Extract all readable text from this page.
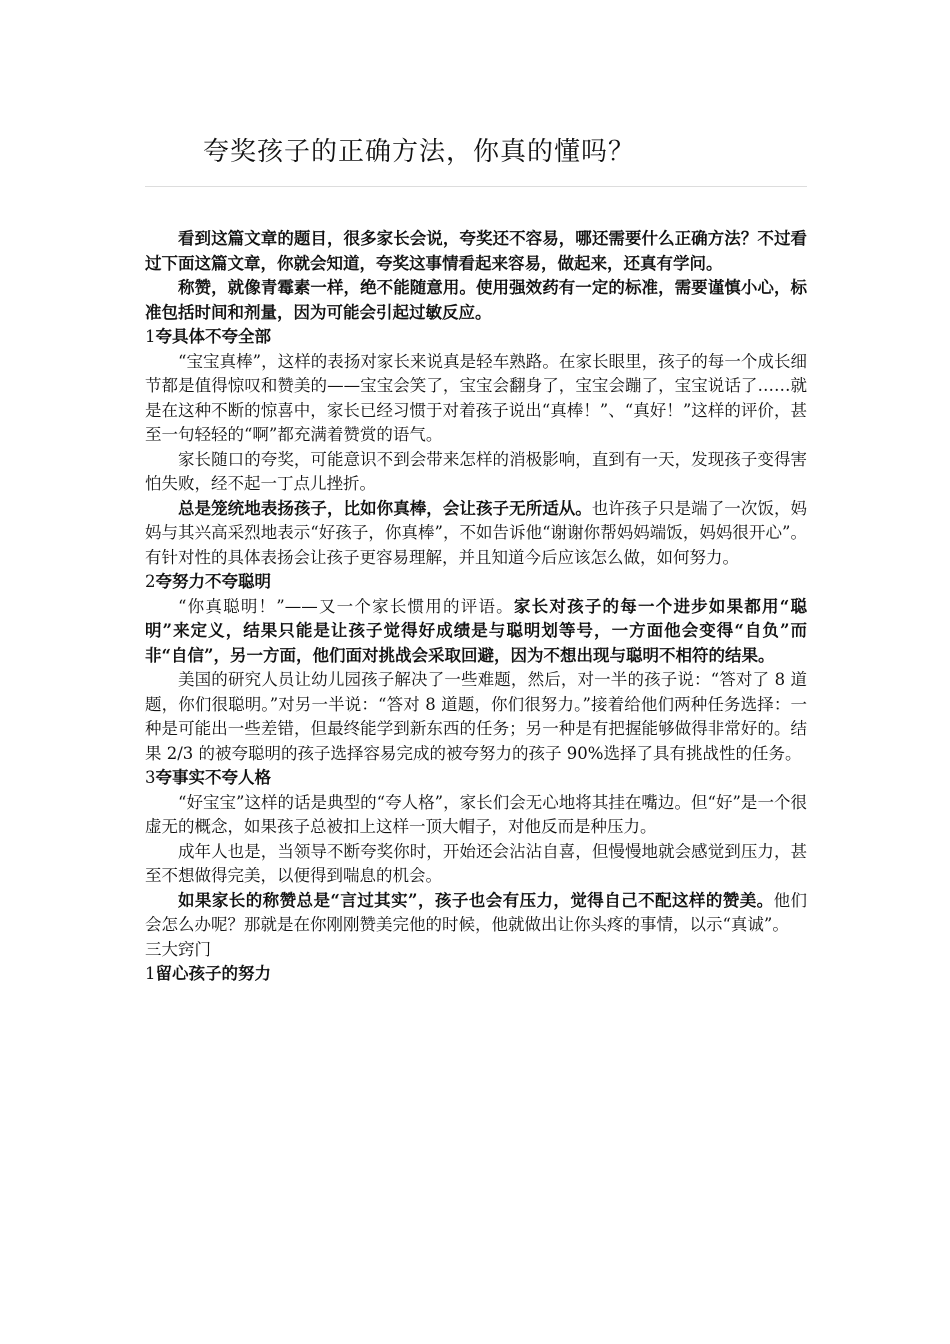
夸奖孩子的正确方法，你真的懂吗？

看到这篇文章的题目，很多家长会说，夸奖还不容易，哪还需要什么正确方法？不过看过下面这篇文章，你就会知道，夸奖这事情看起来容易，做起来，还真有学问。

称赞，就像青霉素一样，绝不能随意用。使用强效药有一定的标准，需要谨慎小心，标准包括时间和剂量，因为可能会引起过敏反应。

1夸具体不夸全部

“宝宝真棒”，这样的表扬对家长来说真是轻车熟路。在家长眼里，孩子的每一个成长细节都是值得惊叹和赞美的——宝宝会笑了，宝宝会翻身了，宝宝会蹦了，宝宝说话了……就是在这种不断的惊喜中，家长已经习惯于对着孩子说出“真棒！”、“真好！”这样的评价，甚至一句轻轻的“啊”都充满着赞赏的语气。

家长随口的夸奖，可能意识不到会带来怎样的消极影响，直到有一天，发现孩子变得害怕失败，经不起一丁点儿挫折。

总是笼统地表扬孩子，比如你真棒，会让孩子无所适从。也许孩子只是端了一次饭，妈妈与其兴高采烈地表示“好孩子，你真棒”，不如告诉他“谢谢你帮妈妈端饭，妈妈很开心”。有针对性的具体表扬会让孩子更容易理解，并且知道今后应该怎么做，如何努力。

2夸努力不夸聪明

“你真聪明！”——又一个家长惯用的评语。家长对孩子的每一个进步如果都用“聪明”来定义，结果只能是让孩子觉得好成绩是与聪明划等号，一方面他会变得“自负”而非“自信”，另一方面，他们面对挑战会采取回避，因为不想出现与聪明不相符的结果。

美国的研究人员让幼儿园孩子解决了一些难题，然后，对一半的孩子说：“答对了 8 道题，你们很聪明。”对另一半说：“答对 8 道题，你们很努力。”接着给他们两种任务选择：一种是可能出一些差错，但最终能学到新东西的任务；另一种是有把握能够做得非常好的。结果 2/3 的被夸聪明的孩子选择容易完成的被夸努力的孩子 90%选择了具有挑战性的任务。

3夸事实不夸人格

“好宝宝”这样的话是典型的“夸人格”，家长们会无心地将其挂在嘴边。但“好”是一个很虚无的概念，如果孩子总被扣上这样一顶大帽子，对他反而是种压力。

成年人也是，当领导不断夸奖你时，开始还会沾沾自喜，但慢慢地就会感觉到压力，甚至不想做得完美，以便得到喘息的机会。

如果家长的称赞总是“言过其实”，孩子也会有压力，觉得自己不配这样的赞美。他们会怎么办呢？那就是在你刚刚赞美完他的时候，他就做出让你头疼的事情，以示“真诚”。

三大窍门

1留心孩子的努力
